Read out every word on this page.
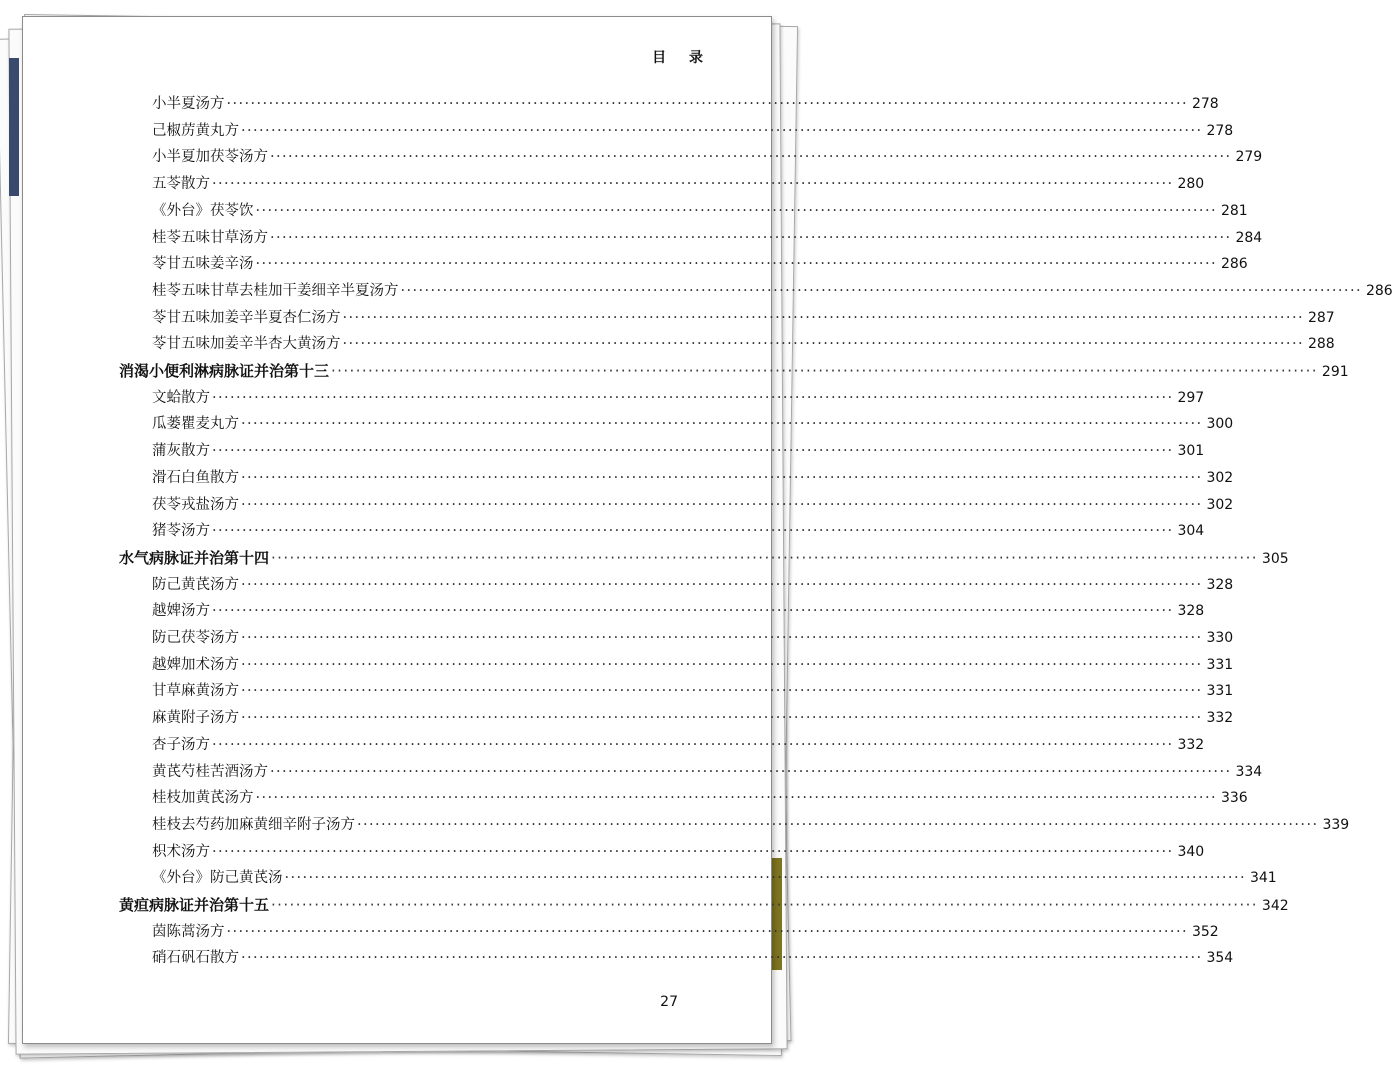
目 录
小半夏汤方 ································································································································································ 278
己椒苈黄丸方 ································································································································································ 278
小半夏加茯苓汤方 ································································································································································ 279
五苓散方 ································································································································································ 280
《外台》茯苓饮 ································································································································································ 281
桂苓五味甘草汤方 ································································································································································ 284
苓甘五味姜辛汤 ································································································································································ 286
桂苓五味甘草去桂加干姜细辛半夏汤方 ································································································································································ 286
苓甘五味加姜辛半夏杏仁汤方 ································································································································································ 287
苓甘五味加姜辛半杏大黄汤方 ································································································································································ 288
消渴小便利淋病脉证并治第十三 ································································································································································ 291
文蛤散方 ································································································································································ 297
瓜蒌瞿麦丸方 ································································································································································ 300
蒲灰散方 ································································································································································ 301
滑石白鱼散方 ································································································································································ 302
茯苓戎盐汤方 ································································································································································ 302
猪苓汤方 ································································································································································ 304
水气病脉证并治第十四 ································································································································································ 305
防己黄芪汤方 ································································································································································ 328
越婢汤方 ································································································································································ 328
防己茯苓汤方 ································································································································································ 330
越婢加术汤方 ································································································································································ 331
甘草麻黄汤方 ································································································································································ 331
麻黄附子汤方 ································································································································································ 332
杏子汤方 ································································································································································ 332
黄芪芍桂苦酒汤方 ································································································································································ 334
桂枝加黄芪汤方 ································································································································································ 336
桂枝去芍药加麻黄细辛附子汤方 ································································································································································ 339
枳术汤方 ································································································································································ 340
《外台》防己黄芪汤 ································································································································································ 341
黄疸病脉证并治第十五 ································································································································································ 342
茵陈蒿汤方 ································································································································································ 352
硝石矾石散方 ································································································································································ 354
27
